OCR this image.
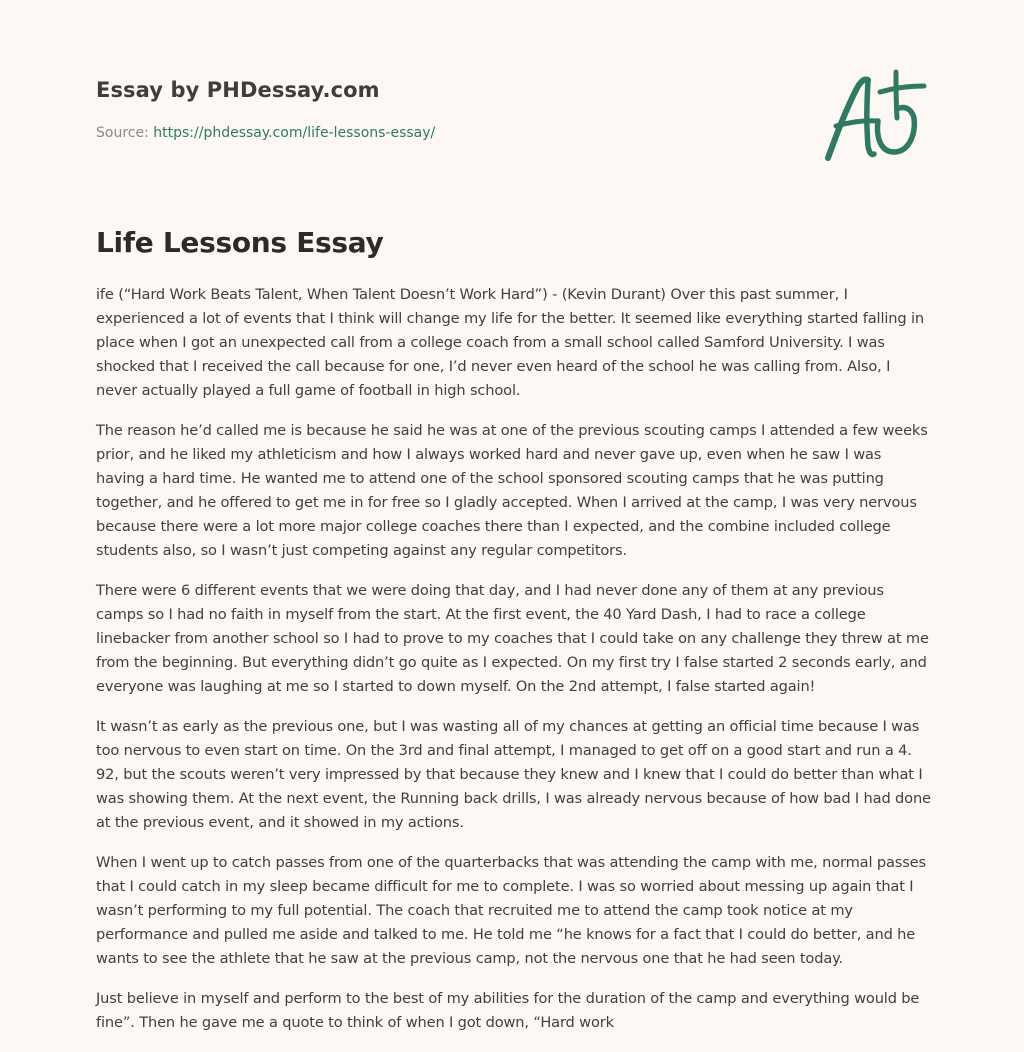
Essay by PHDessay.com
Source: https://phdessay.com/life-lessons-essay/
Life Lessons Essay

ife (“Hard Work Beats Talent, When Talent Doesn’t Work Hard”) - (Kevin Durant) Over this past summer, I experienced a lot of events that I think will change my life for the better. It seemed like everything started falling in place when I got an unexpected call from a college coach from a small school called Samford University. I was shocked that I received the call because for one, I’d never even heard of the school he was calling from. Also, I never actually played a full game of football in high school.

The reason he’d called me is because he said he was at one of the previous scouting camps I attended a few weeks prior, and he liked my athleticism and how I always worked hard and never gave up, even when he saw I was having a hard time. He wanted me to attend one of the school sponsored scouting camps that he was putting together, and he offered to get me in for free so I gladly accepted. When I arrived at the camp, I was very nervous because there were a lot more major college coaches there than I expected, and the combine included college students also, so I wasn’t just competing against any regular competitors.

There were 6 different events that we were doing that day, and I had never done any of them at any previous camps so I had no faith in myself from the start. At the first event, the 40 Yard Dash, I had to race a college linebacker from another school so I had to prove to my coaches that I could take on any challenge they threw at me from the beginning. But everything didn’t go quite as I expected. On my first try I false started 2 seconds early, and everyone was laughing at me so I started to down myself. On the 2nd attempt, I false started again!

It wasn’t as early as the previous one, but I was wasting all of my chances at getting an official time because I was too nervous to even start on time. On the 3rd and final attempt, I managed to get off on a good start and run a 4. 92, but the scouts weren’t very impressed by that because they knew and I knew that I could do better than what I was showing them. At the next event, the Running back drills, I was already nervous because of how bad I had done at the previous event, and it showed in my actions.

When I went up to catch passes from one of the quarterbacks that was attending the camp with me, normal passes that I could catch in my sleep became difficult for me to complete. I was so worried about messing up again that I wasn’t performing to my full potential. The coach that recruited me to attend the camp took notice at my performance and pulled me aside and talked to me. He told me “he knows for a fact that I could do better, and he wants to see the athlete that he saw at the previous camp, not the nervous one that he had seen today.

Just believe in myself and perform to the best of my abilities for the duration of the camp and everything would be fine”. Then he gave me a quote to think of when I got down, “Hard work
